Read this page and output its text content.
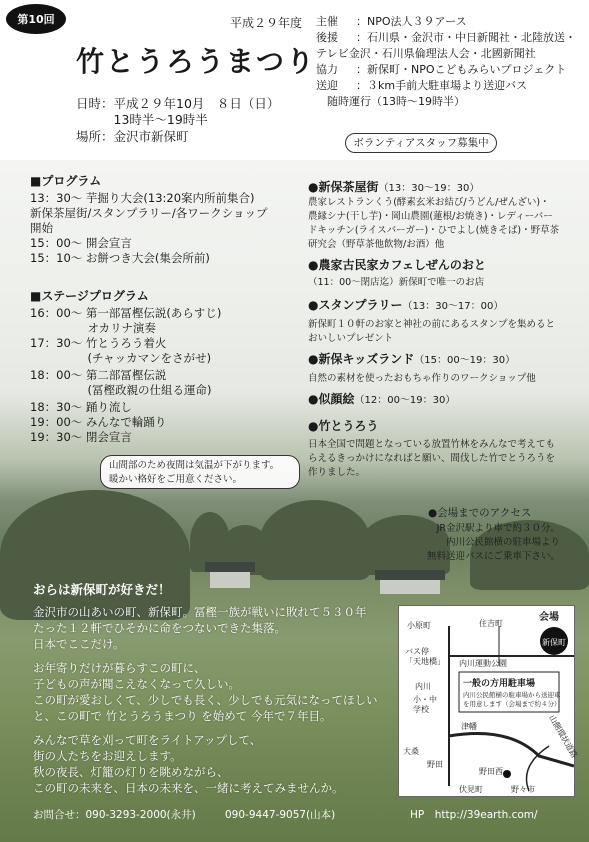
第10回	平成２９年度
竹とうろうまつり
日時：平成２９年10月　８日（日）
　　　13時半～19時半
場所：金沢市新保町
主催 ：NPO法人３９アース
後援 ：石川県・金沢市・中日新聞社・北陸放送・
テレビ金沢・石川県倫理法人会・北國新聞社
協力 ：新保町・NPOこどもみらいプロジェクト
送迎 ：３km手前大駐車場より送迎バス
　随時運行（13時～19時半）
ボランティアスタッフ募集中
■プログラム
13：30～ 芋掘り大会(13:20案内所前集合)
新保茶屋街/スタンプラリー/各ワークショップ
開始
15：00～ 開会宣言
15：10～ お餅つき大会(集会所前)
■ステージプログラム
16：00～ 第一部冨樫伝説(あらすじ)
　　　　　オカリナ演奏
17：30～ 竹とうろう着火
　　　　　(チャッカマンをさがせ)
18：00～ 第二部冨樫伝説
　　　　　(冨樫政親の仕組る運命)
18：30～ 踊り流し
19：00～ みんなで輪踊り
19：30～ 閉会宣言
山間部のため夜間は気温が下がります。
暖かい格好をご用意ください。
●新保茶屋街（13：30～19：30）
農家レストランくう(酵素玄米お結び/うどん/ぜんざい)・
農縁シナ(干し芋)・岡山農園(蓮根/お焼き)・レディーバー
ドキッチン(ライスバーガー)・ひでよし(焼きそば)・野草茶
研究会（野草茶他飲物/お酒）他
●農家古民家カフェしぜんのおと
（11：00～閉店迄）新保町で唯一のお店
●スタンプラリー（13：30～17：00）
新保町１０軒のお家と神社の前にあるスタンプを集めると
おいしいプレゼント
●新保キッズランド（15：00～19：30）
自然の素材を使ったおもちゃ作りのワークショップ他
●似顔絵（12：00～19：30）
●竹とうろう
日本全国で問題となっている放置竹林をみんなで考えても
らえるきっかけになればと願い、間伐した竹でとうろうを
作りました。
●会場までのアクセス
JR金沢駅より車で約３０分。
内川公民館横の駐車場より
無料送迎バスにご乗車下さい。
おらは新保町が好きだ！
金沢市の山あいの町、新保町。冨樫一族が戦いに敗れて５３０年
たった１２軒でひそかに命をつないできた集落。
日本でここだけ。
お年寄りだけが暮らすこの町に、
子どもの声が聞こえなくなって久しい。
この町が愛おしくて、少しでも長く、少しでも元気になってほしい
と、この町で 竹とうろうまつり を始めて 今年で７年目。
みんなで草を刈って町をライトアップして、
街の人たちをお迎えします。
秋の夜長、灯籠の灯りを眺めながら、
この町の未来を、日本の未来を、一緒に考えてみませんか。
会場
新保町
小原町	住吉町
バス停
「天地橋」 内川運動公園
内川
小・中
学校
一般の方用駐車場
内川公民館横の駐車場から送迎車
を用意します（会場まで約４分）
津幡
大桑
野田
山側環状道路
野田西
野々市
伏見町
お問合せ：090-3293-2000(永井)	090-9447-9057(山本)	HP　http://39earth.com/
